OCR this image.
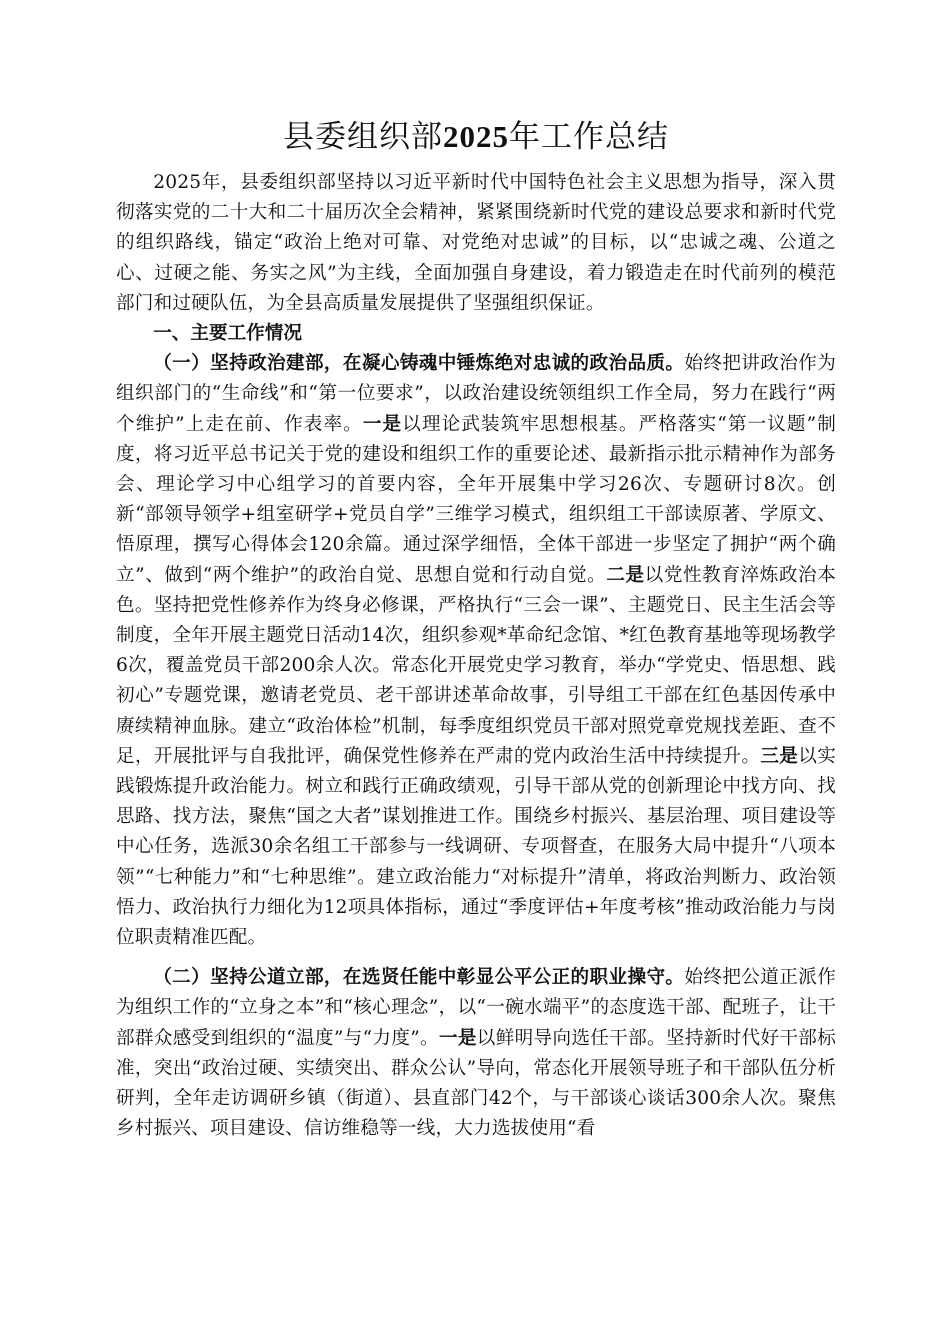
县委组织部2025年工作总结

2025年，县委组织部坚持以习近平新时代中国特色社会主义思想为指导，深入贯彻落实党的二十大和二十届历次全会精神，紧紧围绕新时代党的建设总要求和新时代党的组织路线，锚定“政治上绝对可靠、对党绝对忠诚”的目标，以“忠诚之魂、公道之心、过硬之能、务实之风”为主线，全面加强自身建设，着力锻造走在时代前列的模范部门和过硬队伍，为全县高质量发展提供了坚强组织保证。

一、主要工作情况

（一）坚持政治建部，在凝心铸魂中锤炼绝对忠诚的政治品质。始终把讲政治作为组织部门的“生命线”和“第一位要求”，以政治建设统领组织工作全局，努力在践行“两个维护”上走在前、作表率。一是以理论武装筑牢思想根基。严格落实“第一议题”制度，将习近平总书记关于党的建设和组织工作的重要论述、最新指示批示精神作为部务会、理论学习中心组学习的首要内容，全年开展集中学习26次、专题研讨8次。创新“部领导领学+组室研学+党员自学”三维学习模式，组织组工干部读原著、学原文、悟原理，撰写心得体会120余篇。通过深学细悟，全体干部进一步坚定了拥护“两个确立”、做到“两个维护”的政治自觉、思想自觉和行动自觉。二是以党性教育淬炼政治本色。坚持把党性修养作为终身必修课，严格执行“三会一课”、主题党日、民主生活会等制度，全年开展主题党日活动14次，组织参观*革命纪念馆、*红色教育基地等现场教学6次，覆盖党员干部200余人次。常态化开展党史学习教育，举办“学党史、悟思想、践初心”专题党课，邀请老党员、老干部讲述革命故事，引导组工干部在红色基因传承中赓续精神血脉。建立“政治体检”机制，每季度组织党员干部对照党章党规找差距、查不足，开展批评与自我批评，确保党性修养在严肃的党内政治生活中持续提升。三是以实践锻炼提升政治能力。树立和践行正确政绩观，引导干部从党的创新理论中找方向、找思路、找方法，聚焦“国之大者”谋划推进工作。围绕乡村振兴、基层治理、项目建设等中心任务，选派30余名组工干部参与一线调研、专项督查，在服务大局中提升“八项本领”“七种能力”和“七种思维”。建立政治能力“对标提升”清单，将政治判断力、政治领悟力、政治执行力细化为12项具体指标，通过“季度评估+年度考核”推动政治能力与岗位职责精准匹配。

（二）坚持公道立部，在选贤任能中彰显公平公正的职业操守。始终把公道正派作为组织工作的“立身之本”和“核心理念”，以“一碗水端平”的态度选干部、配班子，让干部群众感受到组织的“温度”与“力度”。一是以鲜明导向选任干部。坚持新时代好干部标准，突出“政治过硬、实绩突出、群众公认”导向，常态化开展领导班子和干部队伍分析研判，全年走访调研乡镇（街道）、县直部门42个，与干部谈心谈话300余人次。聚焦乡村振兴、项目建设、信访维稳等一线，大力选拔使用“看
